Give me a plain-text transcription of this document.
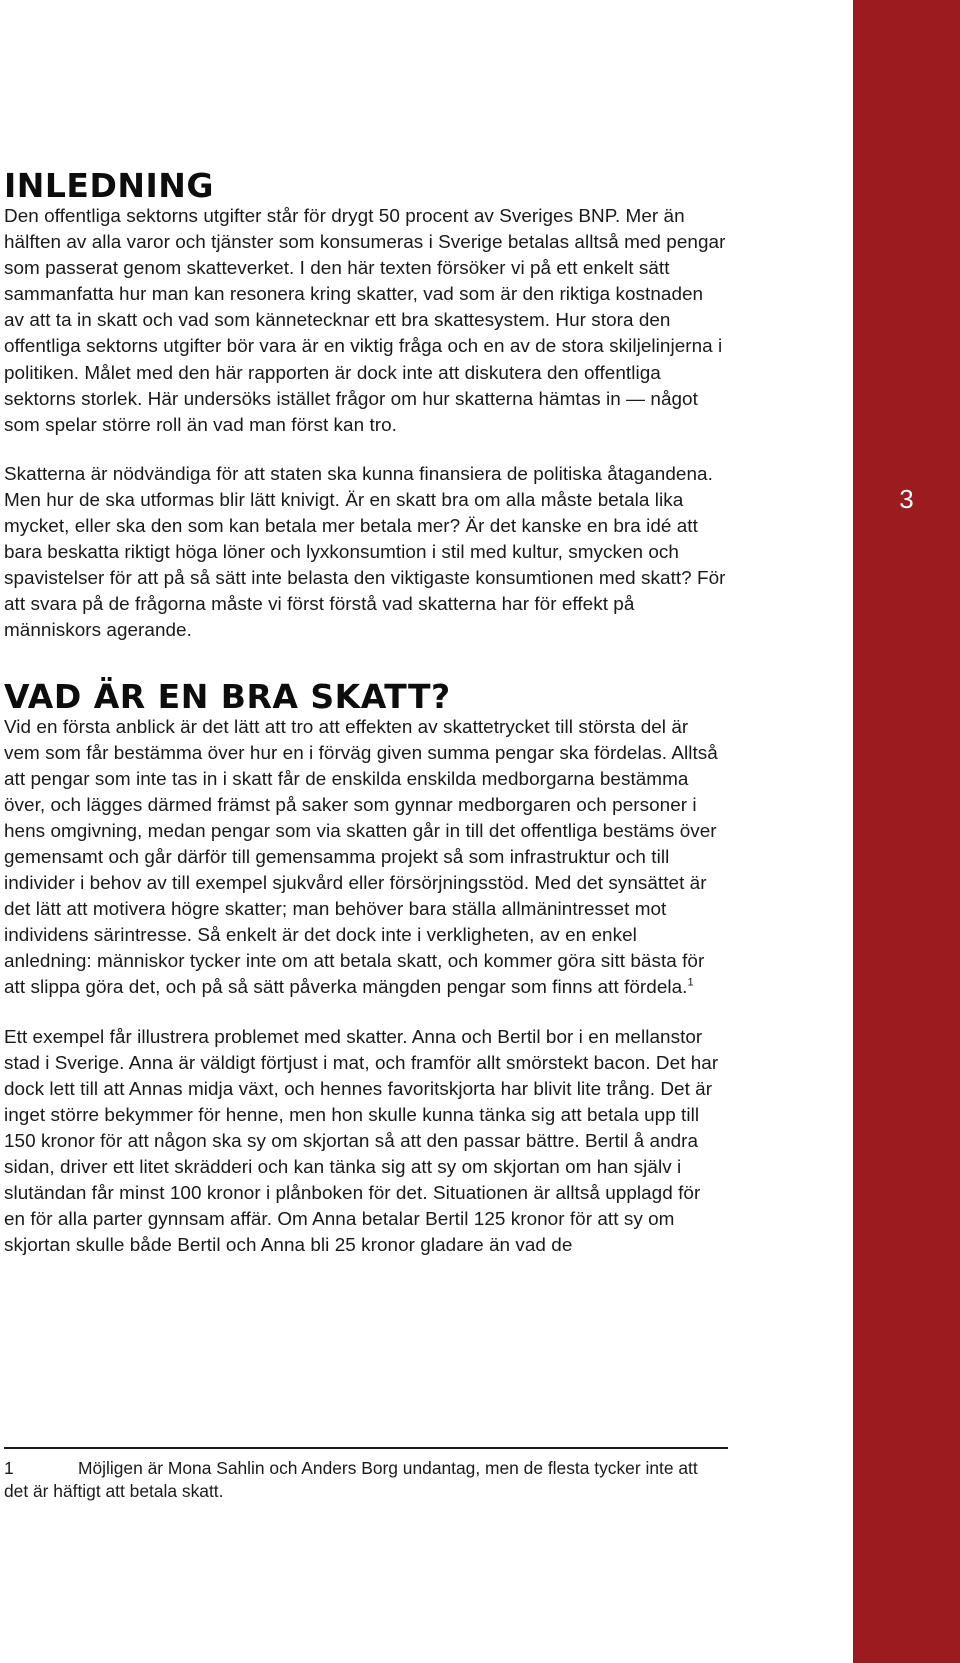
INLEDNING

Den offentliga sektorns utgifter står för drygt 50 procent av Sveriges BNP. Mer än hälften av alla varor och tjänster som konsumeras i Sverige betalas alltså med pengar som passerat genom skatteverket. I den här texten försöker vi på ett enkelt sätt sammanfatta hur man kan resonera kring skatter, vad som är den riktiga kostnaden av att ta in skatt och vad som kännetecknar ett bra skattesystem. Hur stora den offentliga sektorns utgifter bör vara är en viktig fråga och en av de stora skiljelinjerna i politiken. Målet med den här rapporten är dock inte att diskutera den offentliga sektorns storlek. Här undersöks istället frågor om hur skatterna hämtas in — något som spelar större roll än vad man först kan tro.

Skatterna är nödvändiga för att staten ska kunna finansiera de politiska åtagandena. Men hur de ska utformas blir lätt knivigt. Är en skatt bra om alla måste betala lika mycket, eller ska den som kan betala mer betala mer? Är det kanske en bra idé att bara beskatta riktigt höga löner och lyxkonsumtion i stil med kultur, smycken och spavistelser för att på så sätt inte belasta den viktigaste konsumtionen med skatt? För att svara på de frågorna måste vi först förstå vad skatterna har för effekt på människors agerande.

VAD ÄR EN BRA SKATT?

Vid en första anblick är det lätt att tro att effekten av skattetrycket till största del är vem som får bestämma över hur en i förväg given summa pengar ska fördelas. Alltså att pengar som inte tas in i skatt får de enskilda enskilda medborgarna bestämma över, och lägges därmed främst på saker som gynnar medborgaren och personer i hens omgivning, medan pengar som via skatten går in till det offentliga bestäms över gemensamt och går därför till gemensamma projekt så som infrastruktur och till individer i behov av till exempel sjukvård eller försörjningsstöd. Med det synsättet är det lätt att motivera högre skatter; man behöver bara ställa allmänintresset mot individens särintresse. Så enkelt är det dock inte i verkligheten, av en enkel anledning: människor tycker inte om att betala skatt, och kommer göra sitt bästa för att slippa göra det, och på så sätt påverka mängden pengar som finns att fördela.$^1$

Ett exempel får illustrera problemet med skatter. Anna och Bertil bor i en mellanstor stad i Sverige. Anna är väldigt förtjust i mat, och framför allt smörstekt bacon. Det har dock lett till att Annas midja växt, och hennes favoritskjorta har blivit lite trång. Det är inget större bekymmer för henne, men hon skulle kunna tänka sig att betala upp till 150 kronor för att någon ska sy om skjortan så att den passar bättre. Bertil å andra sidan, driver ett litet skrädderi och kan tänka sig att sy om skjortan om han själv i slutändan får minst 100 kronor i plånboken för det. Situationen är alltså upplagd för en för alla parter gynnsam affär. Om Anna betalar Bertil 125 kronor för att sy om skjortan skulle både Bertil och Anna bli 25 kronor gladare än vad de

1	Möjligen är Mona Sahlin och Anders Borg undantag, men de flesta tycker inte att det är häftigt att betala skatt.

3
